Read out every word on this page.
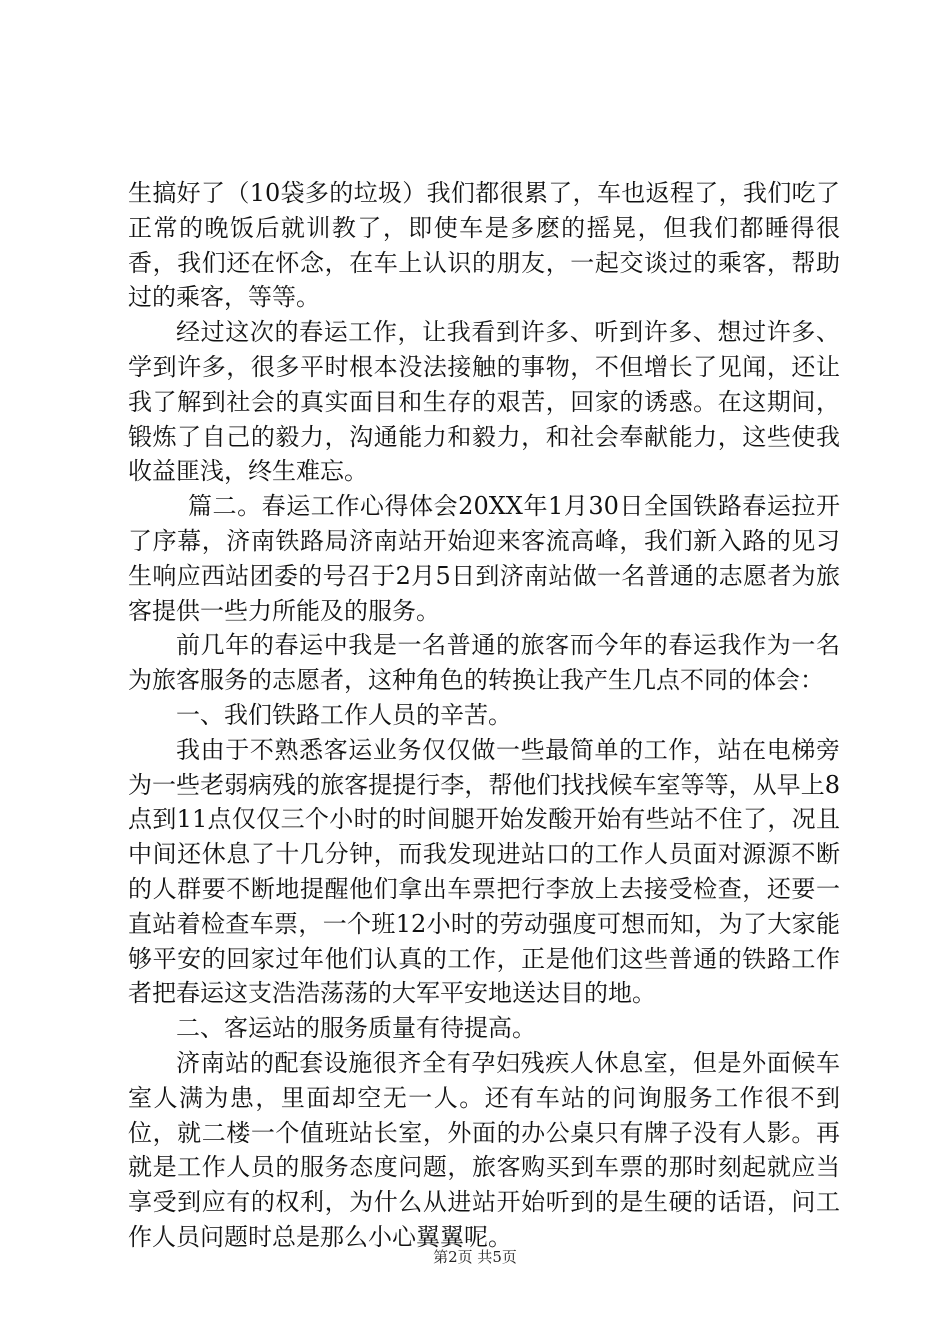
生搞好了（10袋多的垃圾）我们都很累了，车也返程了，我们吃了正常的晚饭后就训教了，即使车是多麽的摇晃，但我们都睡得很香，我们还在怀念，在车上认识的朋友，一起交谈过的乘客，帮助过的乘客，等等。

经过这次的春运工作，让我看到许多、听到许多、想过许多、学到许多，很多平时根本没法接触的事物，不但增长了见闻，还让我了解到社会的真实面目和生存的艰苦，回家的诱惑。在这期间，锻炼了自己的毅力，沟通能力和毅力，和社会奉献能力，这些使我收益匪浅，终生难忘。

篇二。春运工作心得体会20XX年1月30日全国铁路春运拉开了序幕，济南铁路局济南站开始迎来客流高峰，我们新入路的见习生响应西站团委的号召于2月5日到济南站做一名普通的志愿者为旅客提供一些力所能及的服务。

前几年的春运中我是一名普通的旅客而今年的春运我作为一名为旅客服务的志愿者，这种角色的转换让我产生几点不同的体会：

一、我们铁路工作人员的辛苦。

我由于不熟悉客运业务仅仅做一些最简单的工作，站在电梯旁为一些老弱病残的旅客提提行李，帮他们找找候车室等等，从早上8点到11点仅仅三个小时的时间腿开始发酸开始有些站不住了，况且中间还休息了十几分钟，而我发现进站口的工作人员面对源源不断的人群要不断地提醒他们拿出车票把行李放上去接受检查，还要一直站着检查车票，一个班12小时的劳动强度可想而知，为了大家能够平安的回家过年他们认真的工作，正是他们这些普通的铁路工作者把春运这支浩浩荡荡的大军平安地送达目的地。

二、客运站的服务质量有待提高。

济南站的配套设施很齐全有孕妇残疾人休息室，但是外面候车室人满为患，里面却空无一人。还有车站的问询服务工作很不到位，就二楼一个值班站长室，外面的办公桌只有牌子没有人影。再就是工作人员的服务态度问题，旅客购买到车票的那时刻起就应当享受到应有的权利，为什么从进站开始听到的是生硬的话语，问工作人员问题时总是那么小心翼翼呢。

第2页 共5页
